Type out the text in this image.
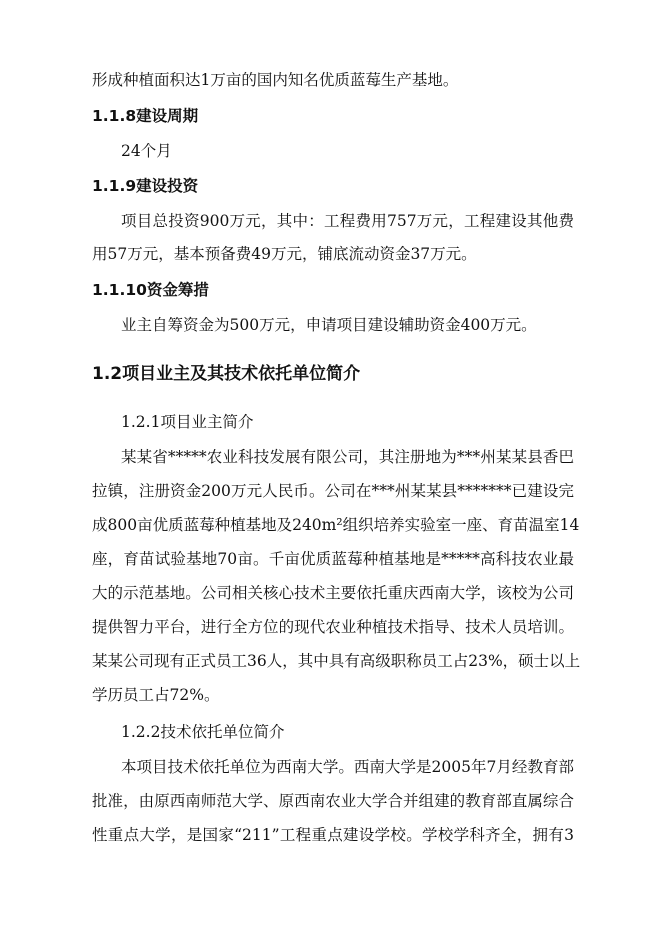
形成种植面积达1万亩的国内知名优质蓝莓生产基地。
1.1.8建设周期
24个月
1.1.9建设投资
项目总投资900万元，其中：工程费用757万元，工程建设其他费
用57万元，基本预备费49万元，铺底流动资金37万元。
1.1.10资金筹措
业主自筹资金为500万元，申请项目建设辅助资金400万元。
1.2项目业主及其技术依托单位简介
1.2.1项目业主简介
某某省*****农业科技发展有限公司，其注册地为***州某某县香巴
拉镇，注册资金200万元人民币。公司在***州某某县*******已建设完
成800亩优质蓝莓种植基地及240m²组织培养实验室一座、育苗温室14
座，育苗试验基地70亩。千亩优质蓝莓种植基地是*****高科技农业最
大的示范基地。公司相关核心技术主要依托重庆西南大学，该校为公司
提供智力平台，进行全方位的现代农业种植技术指导、技术人员培训。
某某公司现有正式员工36人，其中具有高级职称员工占23%，硕士以上
学历员工占72%。
1.2.2技术依托单位简介
本项目技术依托单位为西南大学。西南大学是2005年7月经教育部
批准，由原西南师范大学、原西南农业大学合并组建的教育部直属综合
性重点大学，是国家“211”工程重点建设学校。学校学科齐全，拥有3
